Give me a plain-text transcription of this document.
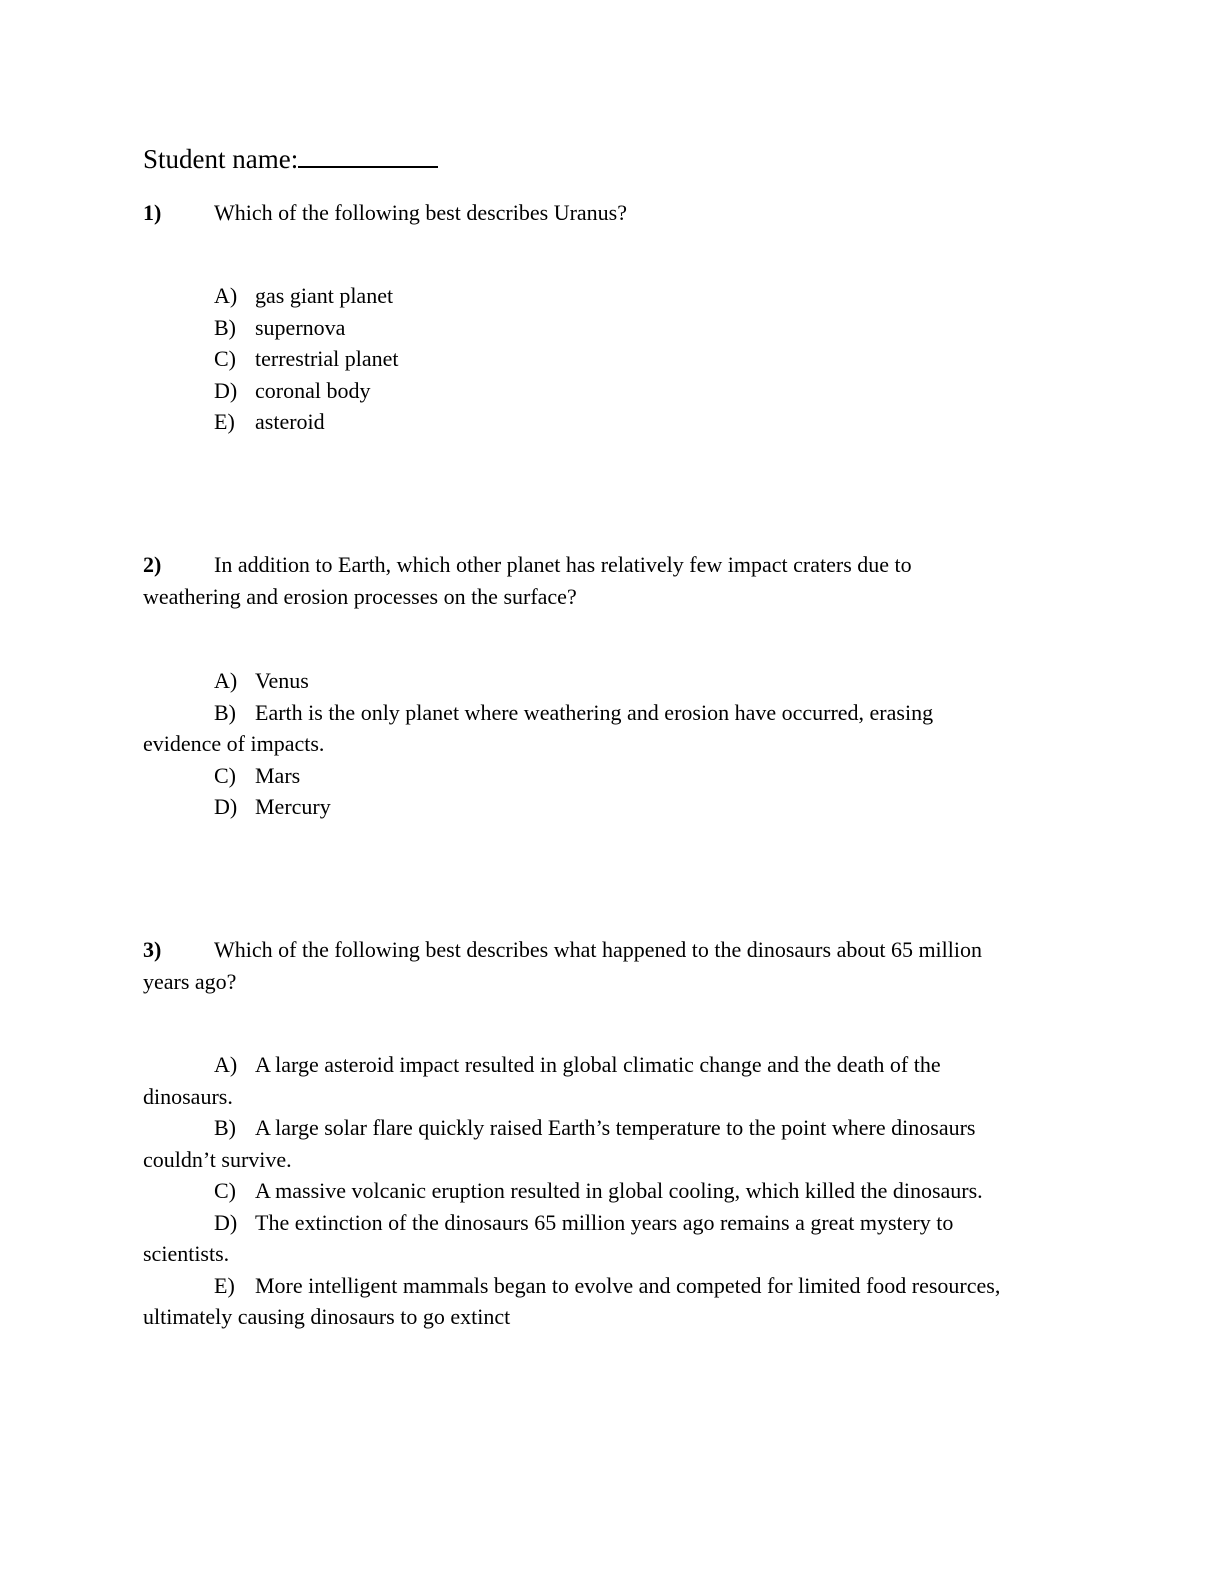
Student name:

1) Which of the following best describes Uranus?

A) gas giant planet

B) supernova

C) terrestrial planet

D) coronal body

E) asteroid

2) In addition to Earth, which other planet has relatively few impact craters due to

weathering and erosion processes on the surface?

A) Venus

B) Earth is the only planet where weathering and erosion have occurred, erasing

evidence of impacts.

C) Mars

D) Mercury

3) Which of the following best describes what happened to the dinosaurs about 65 million

years ago?

A) A large asteroid impact resulted in global climatic change and the death of the

dinosaurs.

B) A large solar flare quickly raised Earth’s temperature to the point where dinosaurs

couldn’t survive.

C) A massive volcanic eruption resulted in global cooling, which killed the dinosaurs.

D) The extinction of the dinosaurs 65 million years ago remains a great mystery to

scientists.

E) More intelligent mammals began to evolve and competed for limited food resources,

ultimately causing dinosaurs to go extinct
